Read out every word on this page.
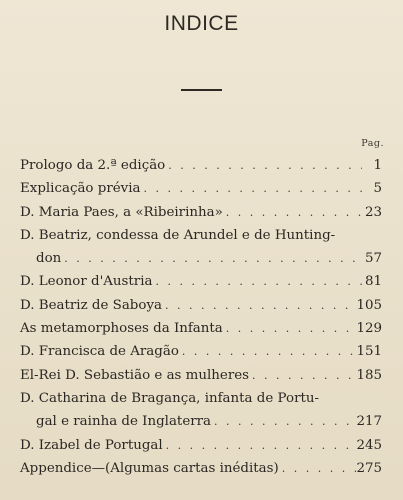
INDICE
Pag.
Prologo da 2.ª edição . . .	1
Explicação prévia . . .	5
D. Maria Paes, a «Ribeirinha» . . .	23
D. Beatriz, condessa de Arundel e de Hunting-
don . . .	57
D. Leonor d'Austria . . .	81
D. Beatriz de Saboya . . .	105
As metamorphoses da Infanta . . .	129
D. Francisca de Aragão . . .	151
El-Rei D. Sebastião e as mulheres . . .	185
D. Catharina de Bragança, infanta de Portu-
gal e rainha de Inglaterra . . .	217
D. Izabel de Portugal . . .	245
Appendice—(Algumas cartas inéditas) . . .	275
